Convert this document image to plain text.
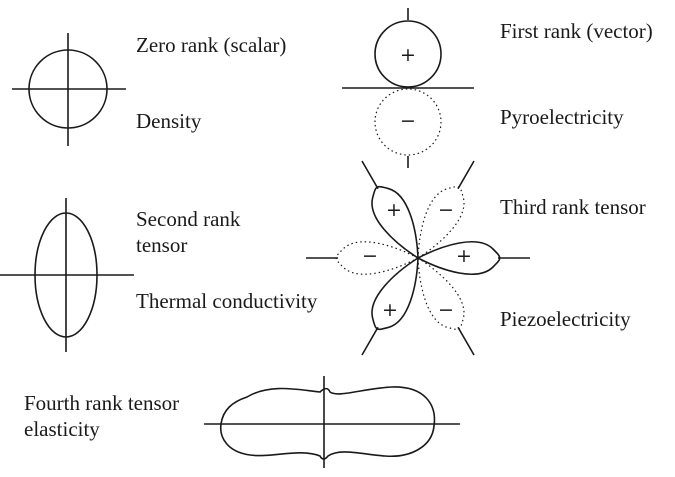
+
−
+
+
+
−
−
−

Zero rank (scalar)

Density

First rank (vector)

Pyroelectricity

Second rank

tensor

Thermal conductivity

Third rank tensor

Piezoelectricity

Fourth rank tensor

elasticity
